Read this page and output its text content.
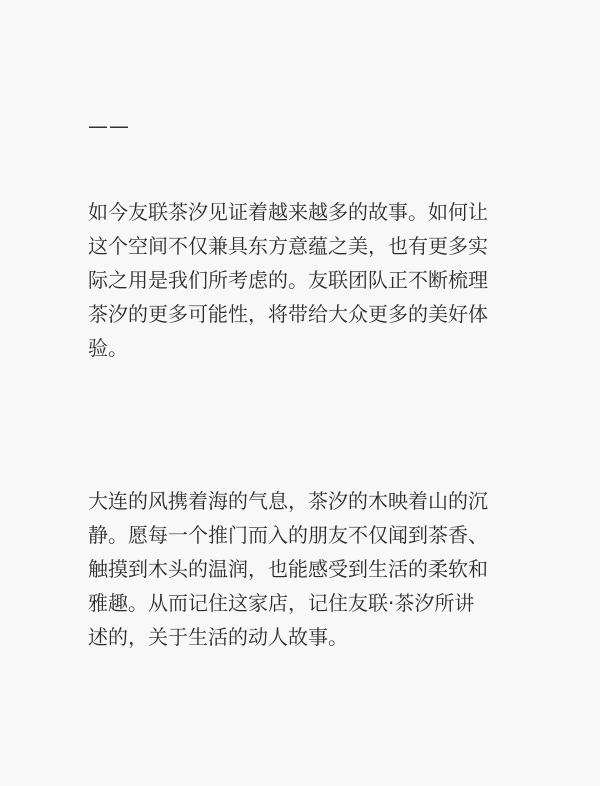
——

如今友联茶汐见证着越来越多的故事。如何让
这个空间不仅兼具东方意蕴之美，也有更多实
际之用是我们所考虑的。友联团队正不断梳理
茶汐的更多可能性，将带给大众更多的美好体
验。

大连的风携着海的气息，茶汐的木映着山的沉
静。愿每一个推门而入的朋友不仅闻到茶香、
触摸到木头的温润，也能感受到生活的柔软和
雅趣。从而记住这家店，记住友联·茶汐所讲
述的，关于生活的动人故事。
